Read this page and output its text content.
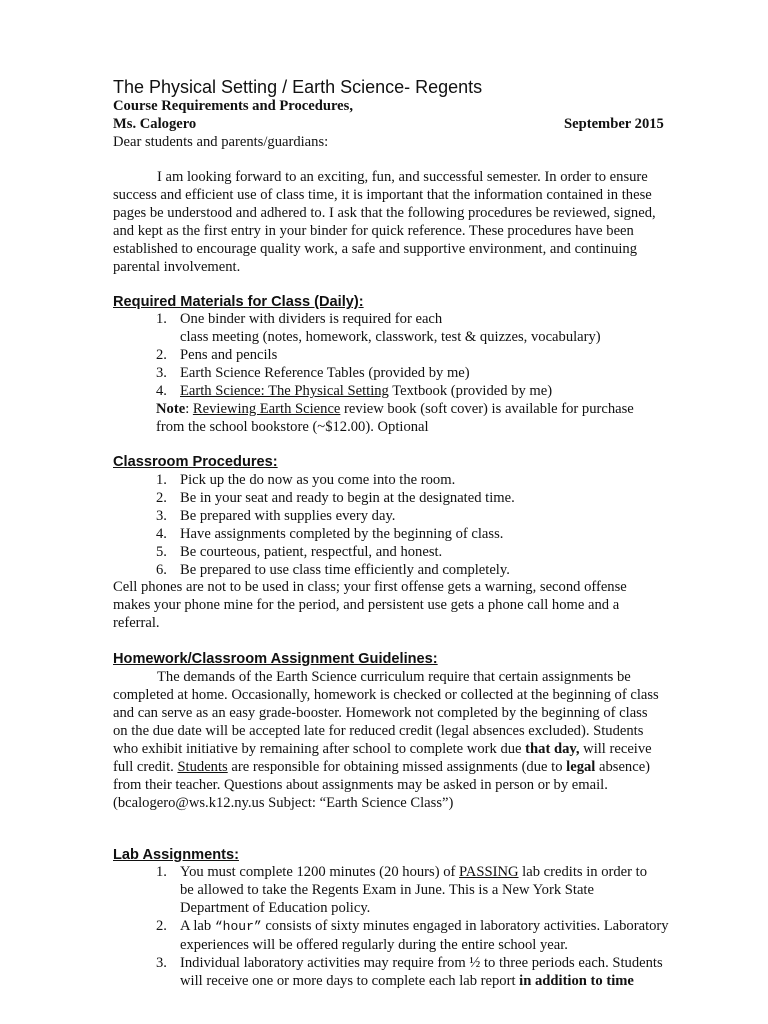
The Physical Setting / Earth Science- Regents
Course Requirements and Procedures,
Ms. Calogero	September 2015
Dear students and parents/guardians:

I am looking forward to an exciting, fun, and successful semester. In order to ensure

success and efficient use of class time, it is important that the information contained in these

pages be understood and adhered to. I ask that the following procedures be reviewed, signed,

and kept as the first entry in your binder for quick reference. These procedures have been

established to encourage quality work, a safe and supportive environment, and continuing

parental involvement.

Required Materials for Class (Daily):
1. One binder with dividers is required for each
class meeting (notes, homework, classwork, test & quizzes, vocabulary)
2. Pens and pencils
3. Earth Science Reference Tables (provided by me)
4. Earth Science: The Physical Setting Textbook (provided by me)
Note: Reviewing Earth Science review book (soft cover) is available for purchase
from the school bookstore (~$12.00). Optional
Classroom Procedures:
1. Pick up the do now as you come into the room.
2. Be in your seat and ready to begin at the designated time.
3. Be prepared with supplies every day.
4. Have assignments completed by the beginning of class.
5. Be courteous, patient, respectful, and honest.
6. Be prepared to use class time efficiently and completely.

Cell phones are not to be used in class; your first offense gets a warning, second offense

makes your phone mine for the period, and persistent use gets a phone call home and a

referral.

Homework/Classroom Assignment Guidelines:

The demands of the Earth Science curriculum require that certain assignments be

completed at home. Occasionally, homework is checked or collected at the beginning of class

and can serve as an easy grade-booster. Homework not completed by the beginning of class

on the due date will be accepted late for reduced credit (legal absences excluded). Students

who exhibit initiative by remaining after school to complete work due that day, will receive

full credit. Students are responsible for obtaining missed assignments (due to legal absence)

from their teacher. Questions about assignments may be asked in person or by email.

(bcalogero@ws.k12.ny.us Subject: “Earth Science Class”)

Lab Assignments:
1. You must complete 1200 minutes (20 hours) of PASSING lab credits in order to
be allowed to take the Regents Exam in June. This is a New York State
Department of Education policy.
2. A lab “hour” consists of sixty minutes engaged in laboratory activities. Laboratory
experiences will be offered regularly during the entire school year.
3. Individual laboratory activities may require from ½ to three periods each. Students
will receive one or more days to complete each lab report in addition to time
